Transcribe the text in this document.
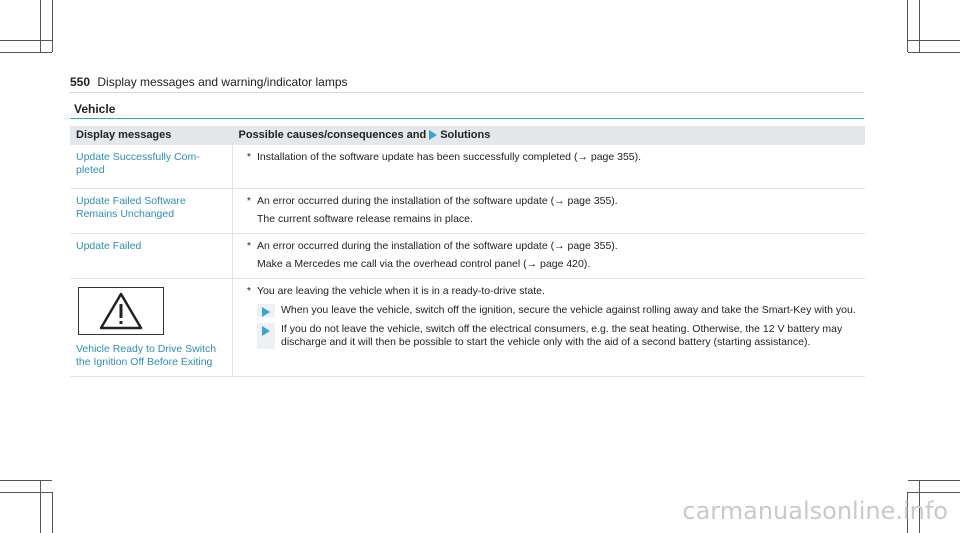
550 Display messages and warning/indicator lamps
Vehicle
Display messages	Possible causes/consequences and Solutions
Update Successfully Com-pleted	* Installation of the software update has been successfully completed (→ page 355).

Update Failed Software Remains Unchanged	* An error occurred during the installation of the software update (→ page 355).
The current software release remains in place.

Update Failed	* An error occurred during the installation of the software update (→ page 355).
Make a Mercedes me call via the overhead control panel (→ page 420).

Vehicle Ready to Drive Switch the Ignition Off Before Exiting	* You are leaving the vehicle when it is in a ready-to-drive state.
When you leave the vehicle, switch off the ignition, secure the vehicle against rolling away and take the Smart-Key with you.
If you do not leave the vehicle, switch off the electrical consumers, e.g. the seat heating. Otherwise, the 12 V battery may discharge and it will then be possible to start the vehicle only with the aid of a second battery (starting assistance).
carmanualsonline.info
